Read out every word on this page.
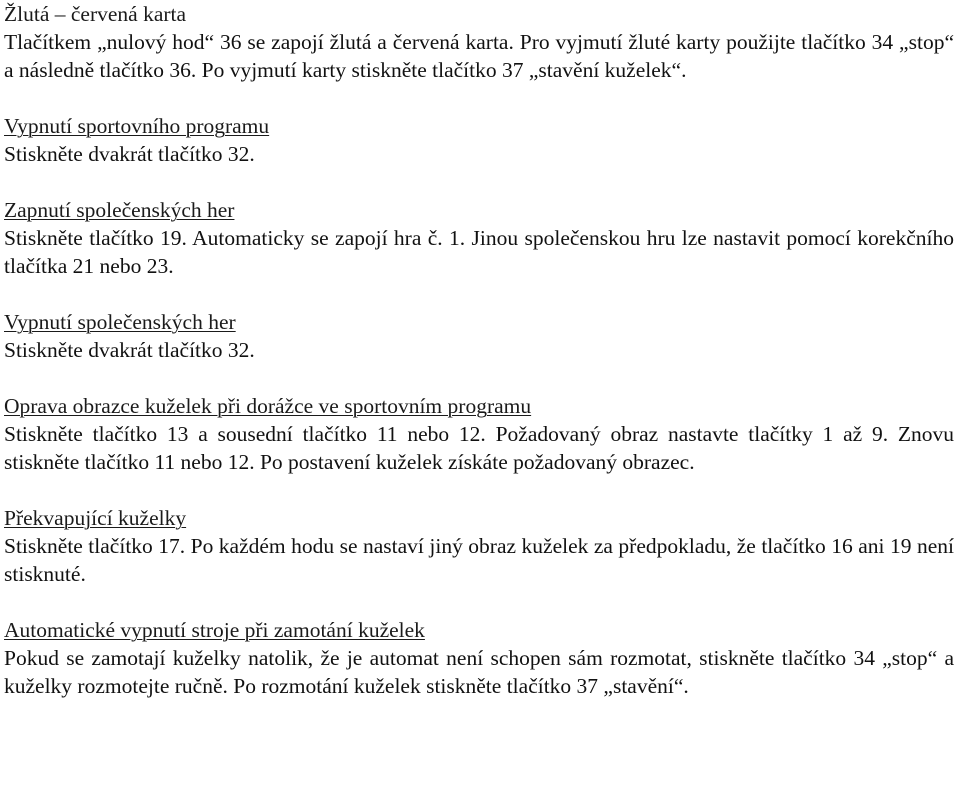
Žlutá – červená karta

Tlačítkem „nulový hod“ 36 se zapojí žlutá a červená karta. Pro vyjmutí žluté karty použijte tlačítko 34 „stop“ a následně tlačítko 36. Po vyjmutí karty stiskněte tlačítko 37 „stavění kuželek“.

Vypnutí sportovního programu

Stiskněte dvakrát tlačítko 32.

Zapnutí společenských her

Stiskněte tlačítko 19. Automaticky se zapojí hra č. 1. Jinou společenskou hru lze nastavit pomocí korekčního tlačítka 21 nebo 23.

Vypnutí společenských her

Stiskněte dvakrát tlačítko 32.

Oprava obrazce kuželek při dorážce ve sportovním programu

Stiskněte tlačítko 13 a sousední tlačítko 11 nebo 12. Požadovaný obraz nastavte tlačítky 1 až 9. Znovu stiskněte tlačítko 11 nebo 12. Po postavení kuželek získáte požadovaný obrazec.

Překvapující kuželky

Stiskněte tlačítko 17. Po každém hodu se nastaví jiný obraz kuželek za předpokladu, že tlačítko 16 ani 19 není stisknuté.

Automatické vypnutí stroje při zamotání kuželek

Pokud se zamotají kuželky natolik, že je automat není schopen sám rozmotat, stiskněte tlačítko 34 „stop“ a kuželky rozmotejte ručně. Po rozmotání kuželek stiskněte tlačítko 37 „stavění“.
